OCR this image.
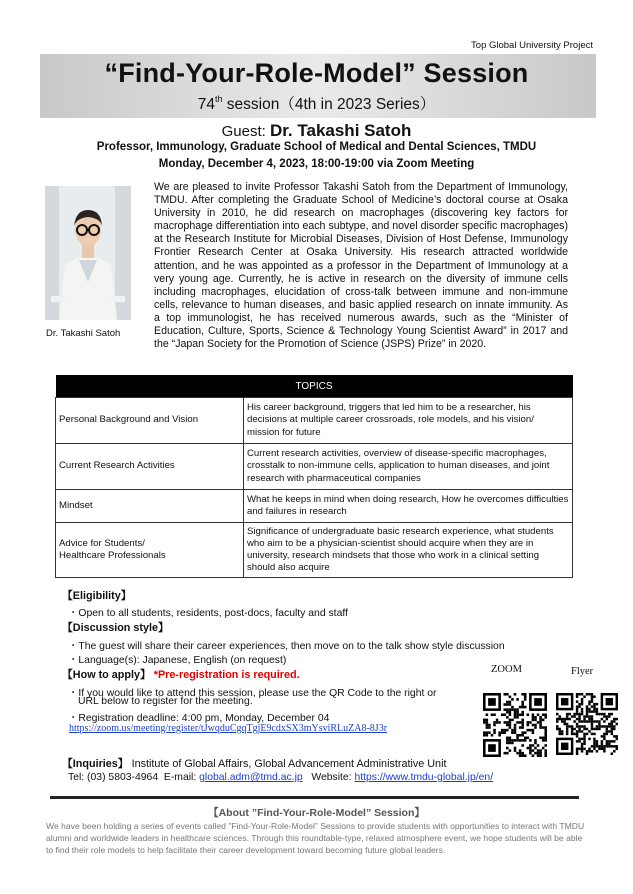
Top Global University Project
“Find-Your-Role-Model” Session
74th session（4th in 2023 Series）
Guest: Dr. Takashi Satoh
Professor, Immunology, Graduate School of Medical and Dental Sciences, TMDU
Monday, December 4, 2023, 18:00-19:00 via Zoom Meeting
Dr. Takashi Satoh
We are pleased to invite Professor Takashi Satoh from the Department of Immunology, TMDU. After completing the Graduate School of Medicine’s doctoral course at Osaka University in 2010, he did research on macrophages (discovering key factors for macrophage differentiation into each subtype, and novel disorder specific macrophages) at the Research Institute for Microbial Diseases, Division of Host Defense, Immunology Frontier Research Center at Osaka University. His research attracted worldwide attention, and he was appointed as a professor in the Department of Immunology at a very young age. Currently, he is active in research on the diversity of immune cells including macrophages, elucidation of cross-talk between immune and non-immune cells, relevance to human diseases, and basic applied research on innate immunity. As a top immunologist, he has received numerous awards, such as the “Minister of Education, Culture, Sports, Science & Technology Young Scientist Award” in 2017 and the “Japan Society for the Promotion of Science (JSPS) Prize” in 2020.
TOPICS	
Personal Background and Vision	His career background, triggers that led him to be a researcher, his decisions at multiple career crossroads, role models, and his vision/ mission for future
Current Research Activities	Current research activities, overview of disease-specific macrophages, crosstalk to non-immune cells, application to human diseases, and joint research with pharmaceutical companies
Mindset	What he keeps in mind when doing research, How he overcomes difficulties and failures in research
Advice for Students/
Healthcare Professionals	Significance of undergraduate basic research experience, what students who aim to be a physician-scientist should acquire when they are in university, research mindsets that those who work in a clinical setting should also acquire
【Eligibility】
・Open to all students, residents, post-docs, faculty and staff
【Discussion style】
・The guest will share their career experiences, then move on to the talk show style discussion
・Language(s): Japanese, English (on request)
【How to apply】 *Pre-registration is required.
・If you would like to attend this session, please use the QR Code to the right or
URL below to register for the meeting.
・Registration deadline: 4:00 pm, Monday, December 04
https://zoom.us/meeting/register/tJwqduCgqTgjE9cdxSX3mYsviRLuZA8-8J3r
ZOOM	Flyer
【Inquiries】 Institute of Global Affairs, Global Advancement Administrative Unit
Tel: (03) 5803-4964 E-mail: global.adm@tmd.ac.jp Website: https://www.tmdu-global.jp/en/
【About ”Find-Your-Role-Model” Session】
We have been holding a series of events called ”Find-Your-Role-Model” Sessions to provide students with opportunities to interact with TMDU alumni and worldwide leaders in healthcare sciences. Through this roundtable-type, relaxed atmosphere event, we hope students will be able to find their role models to help facilitate their career development toward becoming future global leaders.
